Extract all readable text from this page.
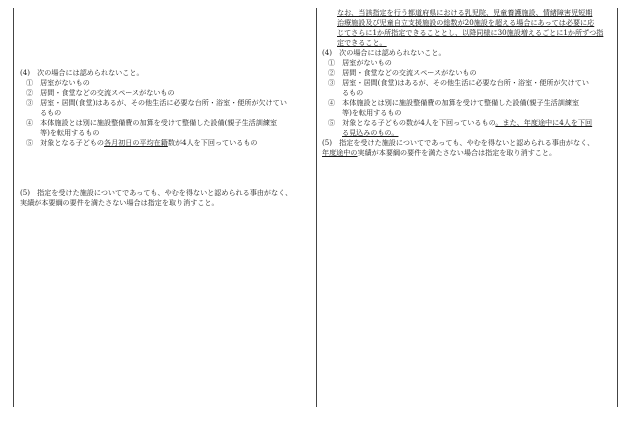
(4)　次の場合には認められないこと。
①　居室がないもの
②　居間・食堂などの交流スペースがないもの
③　居室・居間(食堂)はあるが、その他生活に必要な台所・浴室・便所が欠けてい
るもの
④　本体施設とは別に施設整備費の加算を受けて整備した設備(親子生活訓練室
等)を転用するもの
⑤　対象となる子どもの各月初日の平均在籍数が4人を下回っているもの
(5)　指定を受けた施設についてであっても、やむを得ないと認められる事由がなく、
実績が本要綱の要件を満たさない場合は指定を取り消すこと。
なお、当該指定を行う都道府県における乳児院、児童養護施設、情緒障害児短期
治療施設及び児童自立支援施設の総数が20施設を超える場合にあっては必要に応
じてさらに1か所指定できることとし、以降同様に30施設増えるごとに1か所ずつ指
定できること。
(4)　次の場合には認められないこと。
①　居室がないもの
②　居間・食堂などの交流スペースがないもの
③　居室・居間(食堂)はあるが、その他生活に必要な台所・浴室・便所が欠けてい
るもの
④　本体施設とは別に施設整備費の加算を受けて整備した設備(親子生活訓練室
等)を転用するもの
⑤　対象となる子どもの数が4人を下回っているもの。また、年度途中に4人を下回
る見込みのもの。
(5)　指定を受けた施設についてであっても、やむを得ないと認められる事由がなく、
年度途中の実績が本要綱の要件を満たさない場合は指定を取り消すこと。
